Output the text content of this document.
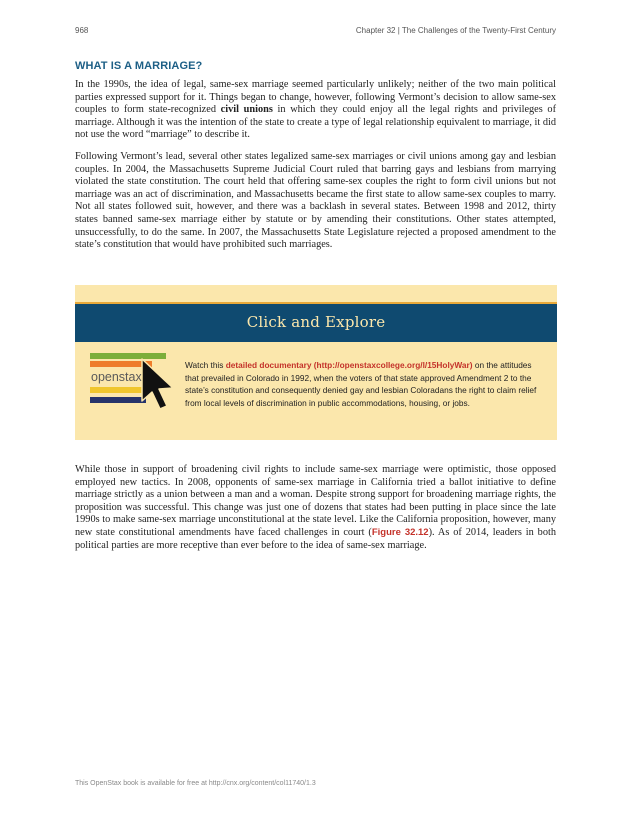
968	Chapter 32 | The Challenges of the Twenty-First Century
WHAT IS A MARRIAGE?

In the 1990s, the idea of legal, same-sex marriage seemed particularly unlikely; neither of the two main political parties expressed support for it. Things began to change, however, following Vermont’s decision to allow same-sex couples to form state-recognized civil unions in which they could enjoy all the legal rights and privileges of marriage. Although it was the intention of the state to create a type of legal relationship equivalent to marriage, it did not use the word “marriage” to describe it.

Following Vermont’s lead, several other states legalized same-sex marriages or civil unions among gay and lesbian couples. In 2004, the Massachusetts Supreme Judicial Court ruled that barring gays and lesbians from marrying violated the state constitution. The court held that offering same-sex couples the right to form civil unions but not marriage was an act of discrimination, and Massachusetts became the first state to allow same-sex couples to marry. Not all states followed suit, however, and there was a backlash in several states. Between 1998 and 2012, thirty states banned same-sex marriage either by statute or by amending their constitutions. Other states attempted, unsuccessfully, to do the same. In 2007, the Massachusetts State Legislature rejected a proposed amendment to the state’s constitution that would have prohibited such marriages.

Click and Explore
openstax
Watch this detailed documentary (http://openstaxcollege.org/l/15HolyWar) on the attitudes that prevailed in Colorado in 1992, when the voters of that state approved Amendment 2 to the state’s constitution and consequently denied gay and lesbian Coloradans the right to claim relief from local levels of discrimination in public accommodations, housing, or jobs.

While those in support of broadening civil rights to include same-sex marriage were optimistic, those opposed employed new tactics. In 2008, opponents of same-sex marriage in California tried a ballot initiative to define marriage strictly as a union between a man and a woman. Despite strong support for broadening marriage rights, the proposition was successful. This change was just one of dozens that states had been putting in place since the late 1990s to make same-sex marriage unconstitutional at the state level. Like the California proposition, however, many new state constitutional amendments have faced challenges in court (Figure 32.12). As of 2014, leaders in both political parties are more receptive than ever before to the idea of same-sex marriage.

This OpenStax book is available for free at http://cnx.org/content/col11740/1.3
